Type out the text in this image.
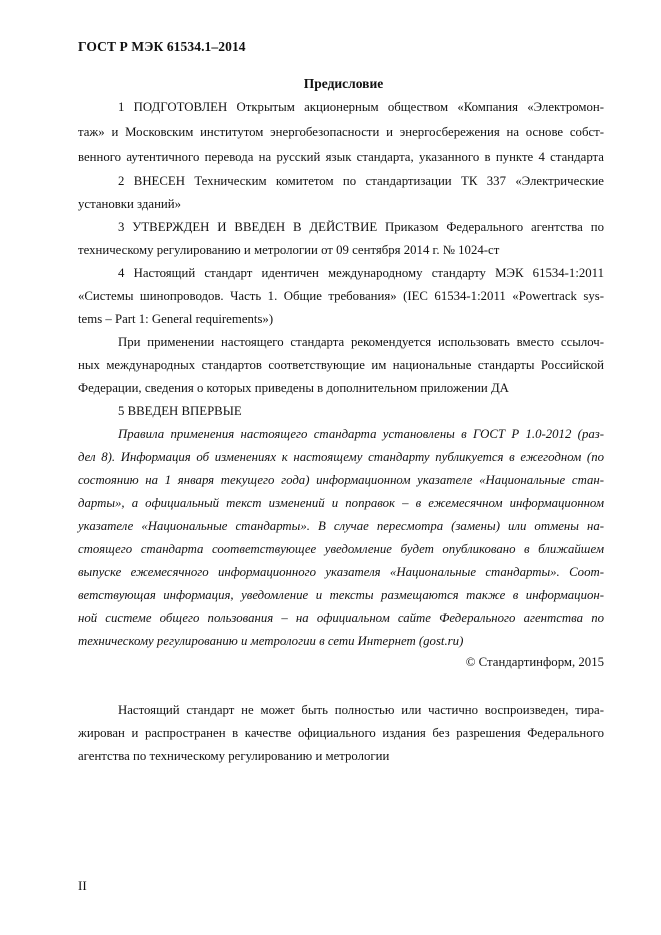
ГОСТ Р МЭК 61534.1–2014
Предисловие
1 ПОДГОТОВЛЕН Открытым акционерным обществом «Компания «Электромон-
таж» и Московским институтом энергобезопасности и энергосбережения на основе собст-
венного аутентичного перевода на русский язык стандарта, указанного в пункте 4 стандарта
2 ВНЕСЕН Техническим комитетом по стандартизации ТК 337 «Электрические
установки зданий»
3 УТВЕРЖДЕН И ВВЕДЕН В ДЕЙСТВИЕ Приказом Федерального агентства по
техническому регулированию и метрологии от 09 сентября 2014 г. № 1024-ст
4 Настоящий стандарт идентичен международному стандарту МЭК 61534-1:2011
«Системы шинопроводов. Часть 1. Общие требования» (IEC 61534-1:2011 «Powertrack sys-
tems – Part 1: General requirements»)
При применении настоящего стандарта рекомендуется использовать вместо ссылоч-
ных международных стандартов соответствующие им национальные стандарты Российской
Федерации, сведения о которых приведены в дополнительном приложении ДА
5 ВВЕДЕН ВПЕРВЫЕ
Правила применения настоящего стандарта установлены в ГОСТ Р 1.0-2012 (раз-
дел 8). Информация об изменениях к настоящему стандарту публикуется в ежегодном (по
состоянию на 1 января текущего года) информационном указателе «Национальные стан-
дарты», а официальный текст изменений и поправок – в ежемесячном информационном
указателе «Национальные стандарты». В случае пересмотра (замены) или отмены на-
стоящего стандарта соответствующее уведомление будет опубликовано в ближайшем
выпуске ежемесячного информационного указателя «Национальные стандарты». Соот-
ветствующая информация, уведомление и тексты размещаются также в информацион-
ной системе общего пользования – на официальном сайте Федерального агентства по
техническому регулированию и метрологии в сети Интернет (gost.ru)
© Стандартинформ, 2015
Настоящий стандарт не может быть полностью или частично воспроизведен, тира-
жирован и распространен в качестве официального издания без разрешения Федерального
агентства по техническому регулированию и метрологии
II
